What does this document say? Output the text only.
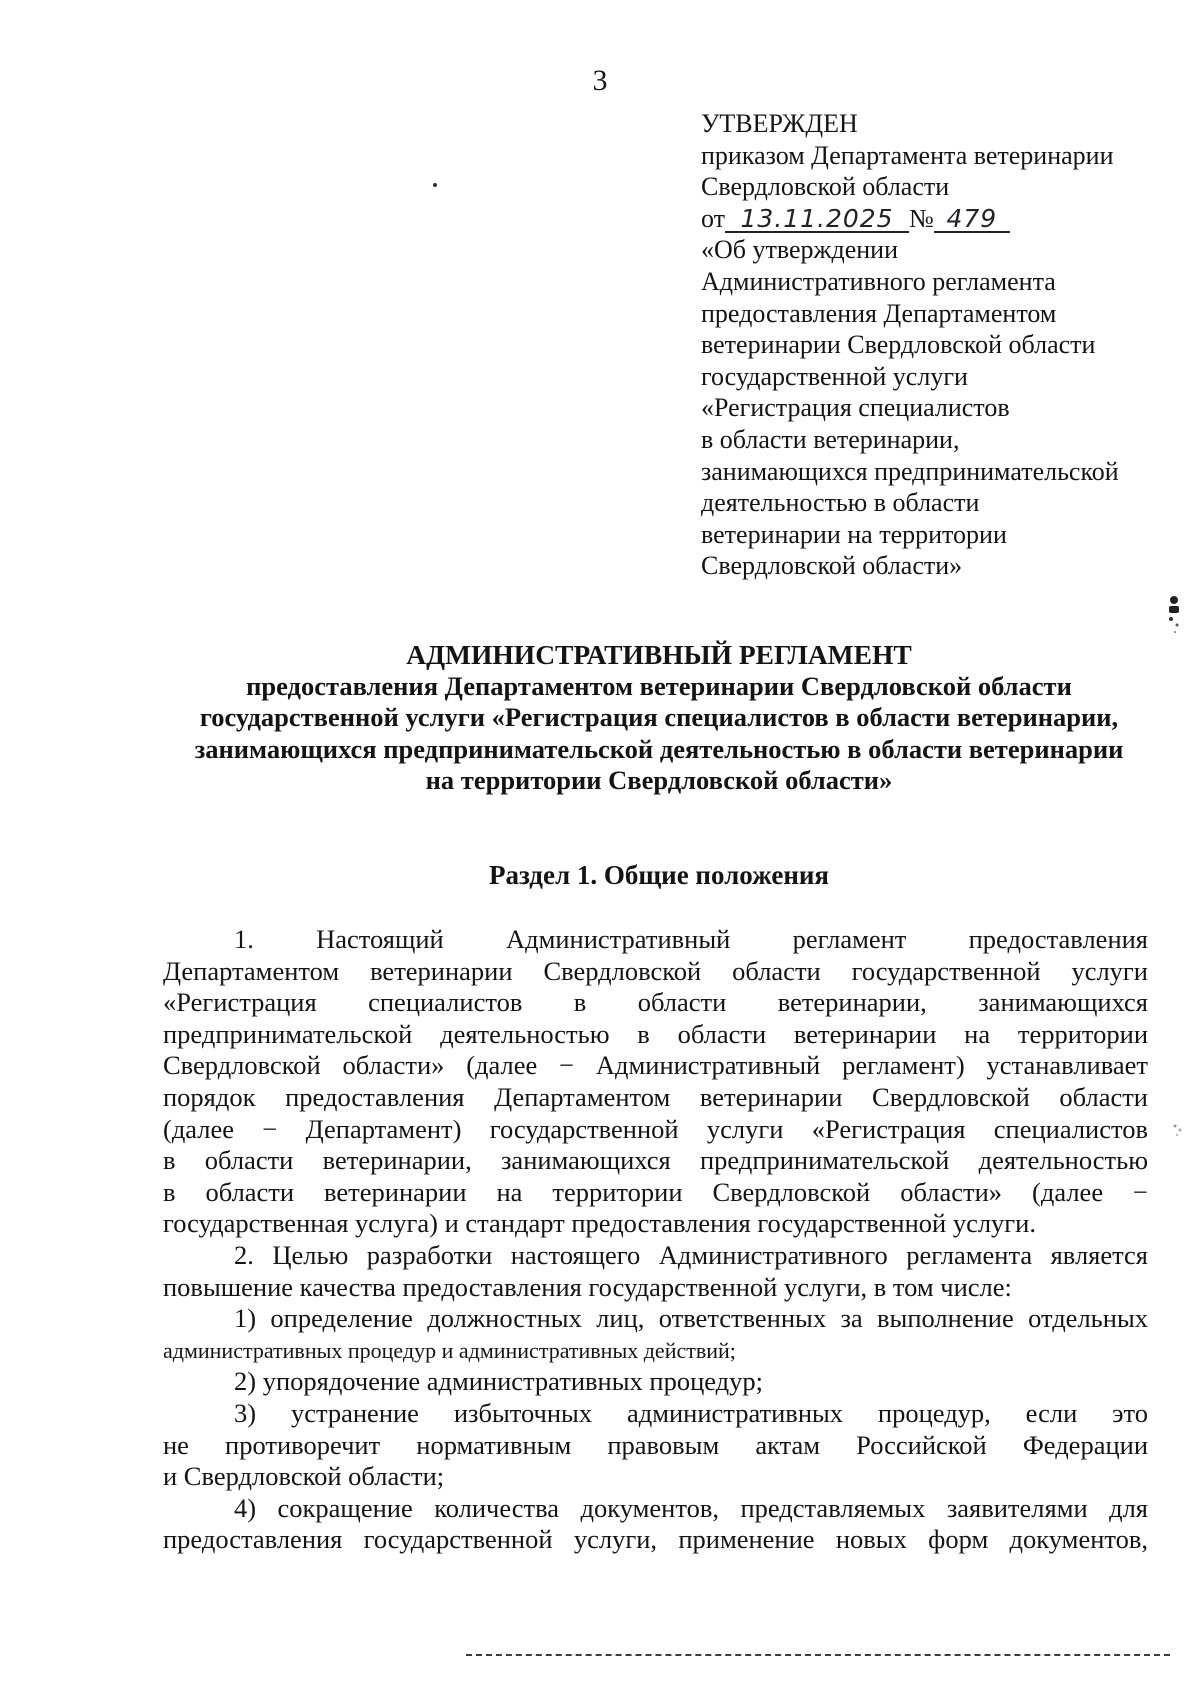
3
УТВЕРЖДЕН
приказом Департамента ветеринарии
Свердловской области
от 13.11.2025 № 479
«Об утверждении
Административного регламента
предоставления Департаментом
ветеринарии Свердловской области
государственной услуги
«Регистрация специалистов
в области ветеринарии,
занимающихся предпринимательской
деятельностью в области
ветеринарии на территории
Свердловской области»
АДМИНИСТРАТИВНЫЙ РЕГЛАМЕНТ
предоставления Департаментом ветеринарии Свердловской области
государственной услуги «Регистрация специалистов в области ветеринарии,
занимающихся предпринимательской деятельностью в области ветеринарии
на территории Свердловской области»
Раздел 1. Общие положения
1. Настоящий Административный регламент предоставления
Департаментом ветеринарии Свердловской области государственной услуги
«Регистрация специалистов в области ветеринарии, занимающихся
предпринимательской деятельностью в области ветеринарии на территории
Свердловской области» (далее − Административный регламент) устанавливает
порядок предоставления Департаментом ветеринарии Свердловской области
(далее − Департамент) государственной услуги «Регистрация специалистов
в области ветеринарии, занимающихся предпринимательской деятельностью
в области ветеринарии на территории Свердловской области» (далее −
государственная услуга) и стандарт предоставления государственной услуги.
2. Целью разработки настоящего Административного регламента является
повышение качества предоставления государственной услуги, в том числе:
1) определение должностных лиц, ответственных за выполнение отдельных
административных процедур и административных действий;
2) упорядочение административных процедур;
3) устранение избыточных административных процедур, если это
не противоречит нормативным правовым актам Российской Федерации
и Свердловской области;
4) сокращение количества документов, представляемых заявителями для
предоставления государственной услуги, применение новых форм документов,
